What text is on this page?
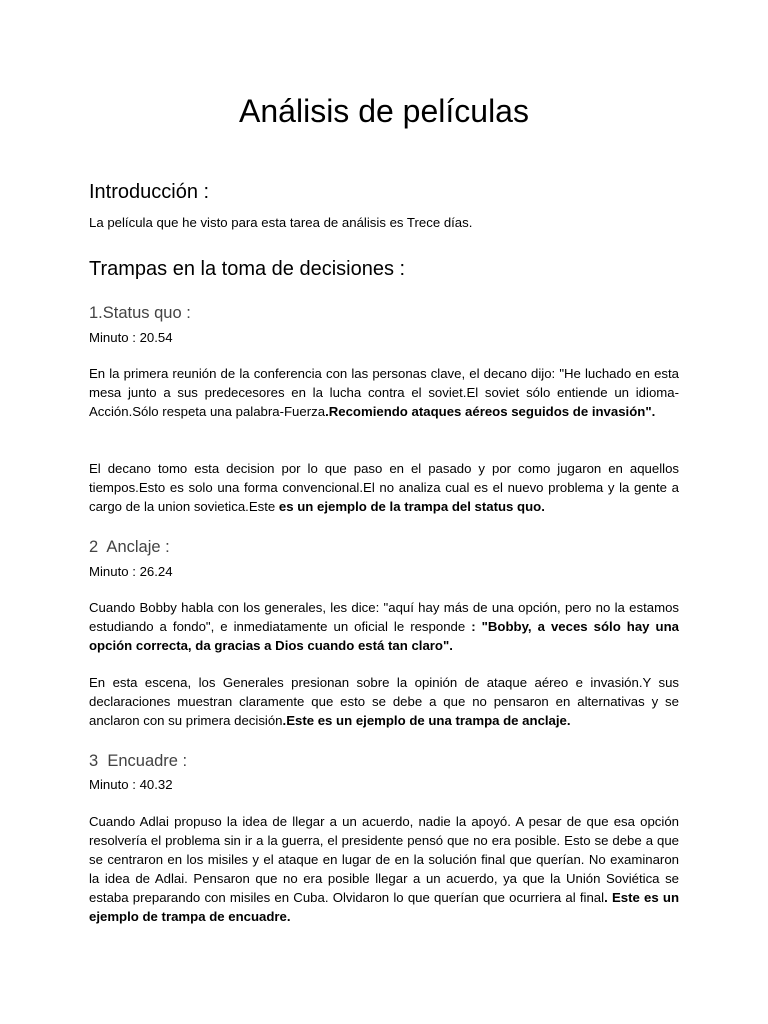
Análisis de películas
Introducción :
La película que he visto para esta tarea de análisis es Trece días.
Trampas en la toma de decisiones :
1.Status quo :
Minuto : 20.54
En la primera reunión de la conferencia con las personas clave, el decano dijo: "He luchado en esta mesa junto a sus predecesores en la lucha contra el soviet.El soviet sólo entiende un idioma-Acción.Sólo respeta una palabra-Fuerza.Recomiendo ataques aéreos seguidos de invasión".
El decano tomo esta decision por lo que paso en el pasado y por como jugaron en aquellos tiempos.Esto es solo una forma convencional.El no analiza cual es el nuevo problema y la gente a cargo de la union sovietica.Este es un ejemplo de la trampa del status quo.
2  Anclaje :
Minuto : 26.24
Cuando Bobby habla con los generales, les dice: "aquí hay más de una opción, pero no la estamos estudiando a fondo", e inmediatamente un oficial le responde : "Bobby, a veces sólo hay una opción correcta, da gracias a Dios cuando está tan claro".
En esta escena, los Generales presionan sobre la opinión de ataque aéreo e invasión.Y sus declaraciones muestran claramente que esto se debe a que no pensaron en alternativas y se anclaron con su primera decisión.Este es un ejemplo de una trampa de anclaje.
3  Encuadre :
Minuto : 40.32
Cuando Adlai propuso la idea de llegar a un acuerdo, nadie la apoyó. A pesar de que esa opción resolvería el problema sin ir a la guerra, el presidente pensó que no era posible. Esto se debe a que se centraron en los misiles y el ataque en lugar de en la solución final que querían. No examinaron la idea de Adlai. Pensaron que no era posible llegar a un acuerdo, ya que la Unión Soviética se estaba preparando con misiles en Cuba. Olvidaron lo que querían que ocurriera al final. Este es un ejemplo de trampa de encuadre.
